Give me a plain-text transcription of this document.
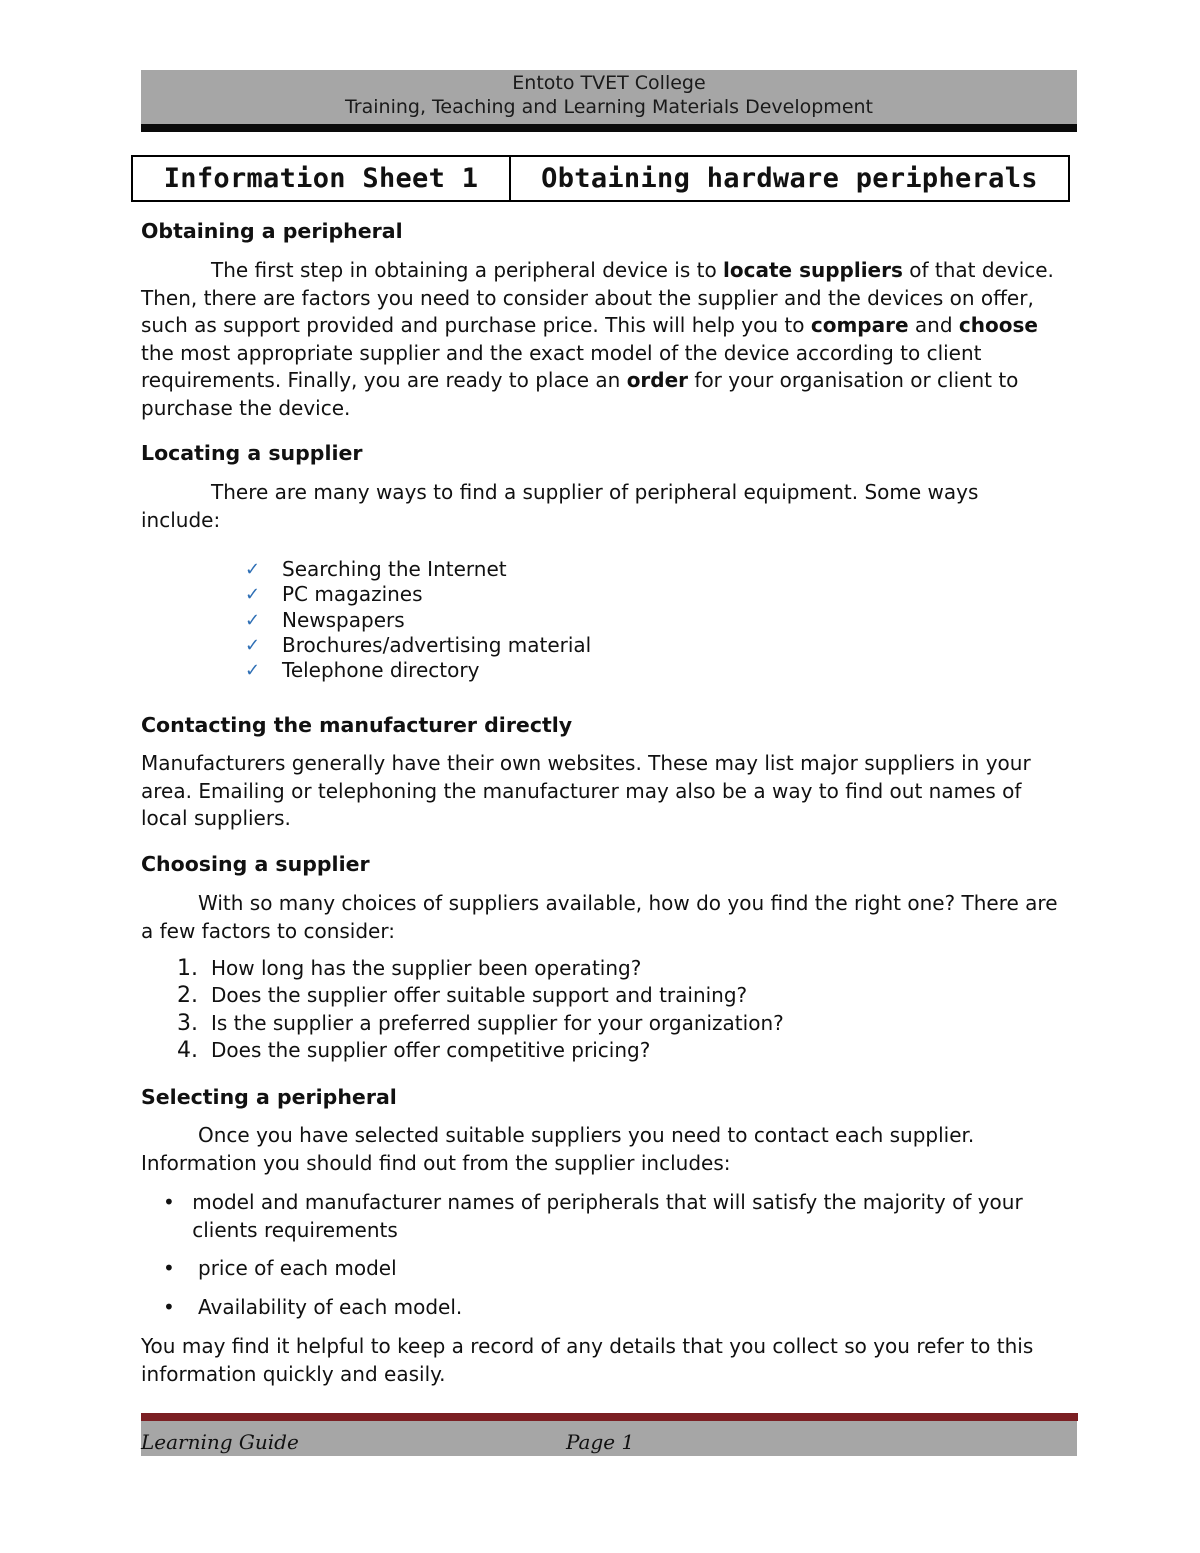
Entoto TVET College
Training, Teaching and Learning Materials Development
Information Sheet 1	Obtaining hardware peripherals
Obtaining a peripheral
The first step in obtaining a peripheral device is to locate suppliers of that device. Then, there are factors you need to consider about the supplier and the devices on offer, such as support provided and purchase price. This will help you to compare and choose the most appropriate supplier and the exact model of the device according to client requirements. Finally, you are ready to place an order for your organisation or client to purchase the device.
Locating a supplier
There are many ways to find a supplier of peripheral equipment. Some ways include:
✓	Searching the Internet
✓	PC magazines
✓	Newspapers
✓	Brochures/advertising material
✓	Telephone directory
Contacting the manufacturer directly
Manufacturers generally have their own websites. These may list major suppliers in your area. Emailing or telephoning the manufacturer may also be a way to find out names of local suppliers.
Choosing a supplier
With so many choices of suppliers available, how do you find the right one? There are a few factors to consider:
1. How long has the supplier been operating?
2. Does the supplier offer suitable support and training?
3. Is the supplier a preferred supplier for your organization?
4. Does the supplier offer competitive pricing?
Selecting a peripheral
Once you have selected suitable suppliers you need to contact each supplier. Information you should find out from the supplier includes:
• model and manufacturer names of peripherals that will satisfy the majority of your clients requirements
•	price of each model
•	Availability of each model.
You may find it helpful to keep a record of any details that you collect so you refer to this information quickly and easily.
Learning Guide	Page 1
